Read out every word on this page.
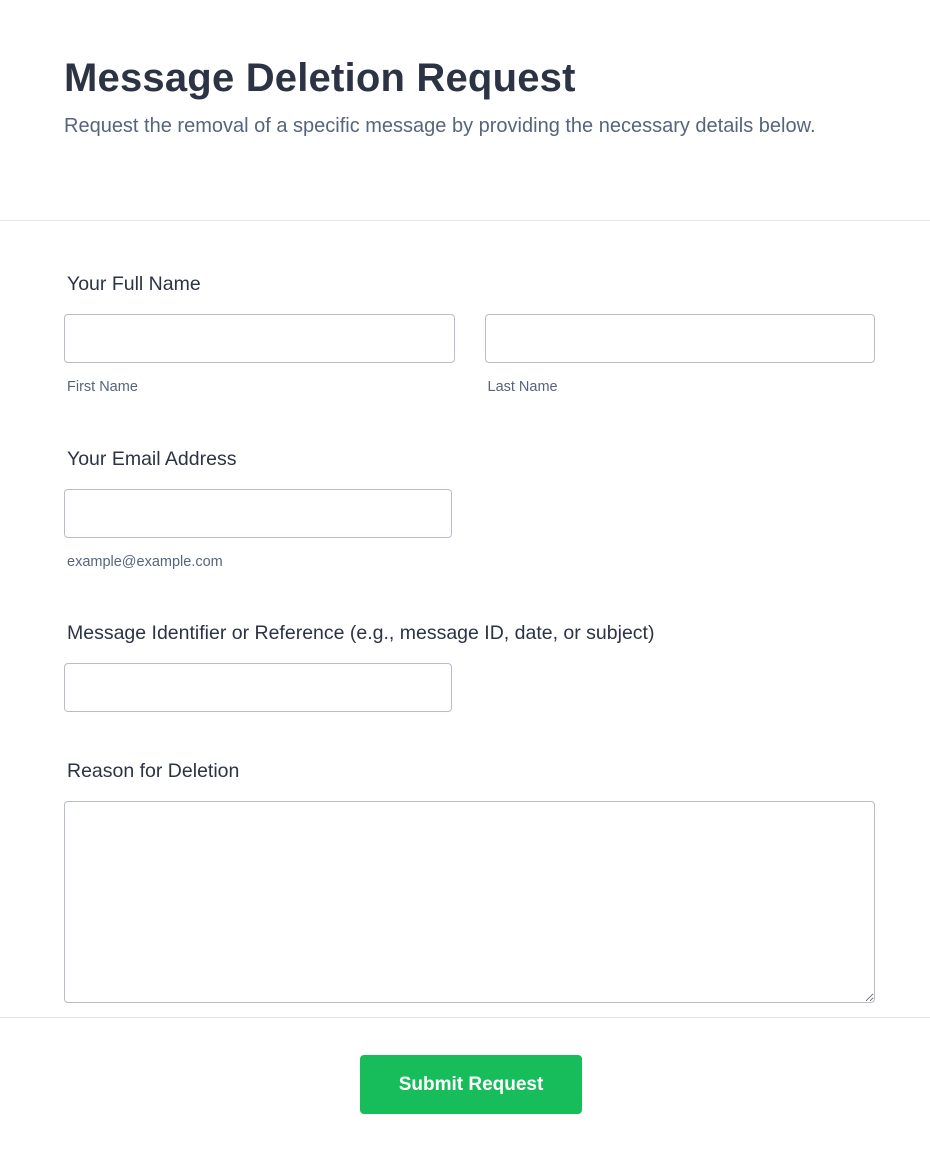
Message Deletion Request

Request the removal of a specific message by providing the necessary details below.

Your Full Name
First Name	Last Name
Your Email Address
example@example.com
Message Identifier or Reference (e.g., message ID, date, or subject)
Reason for Deletion
Submit Request
